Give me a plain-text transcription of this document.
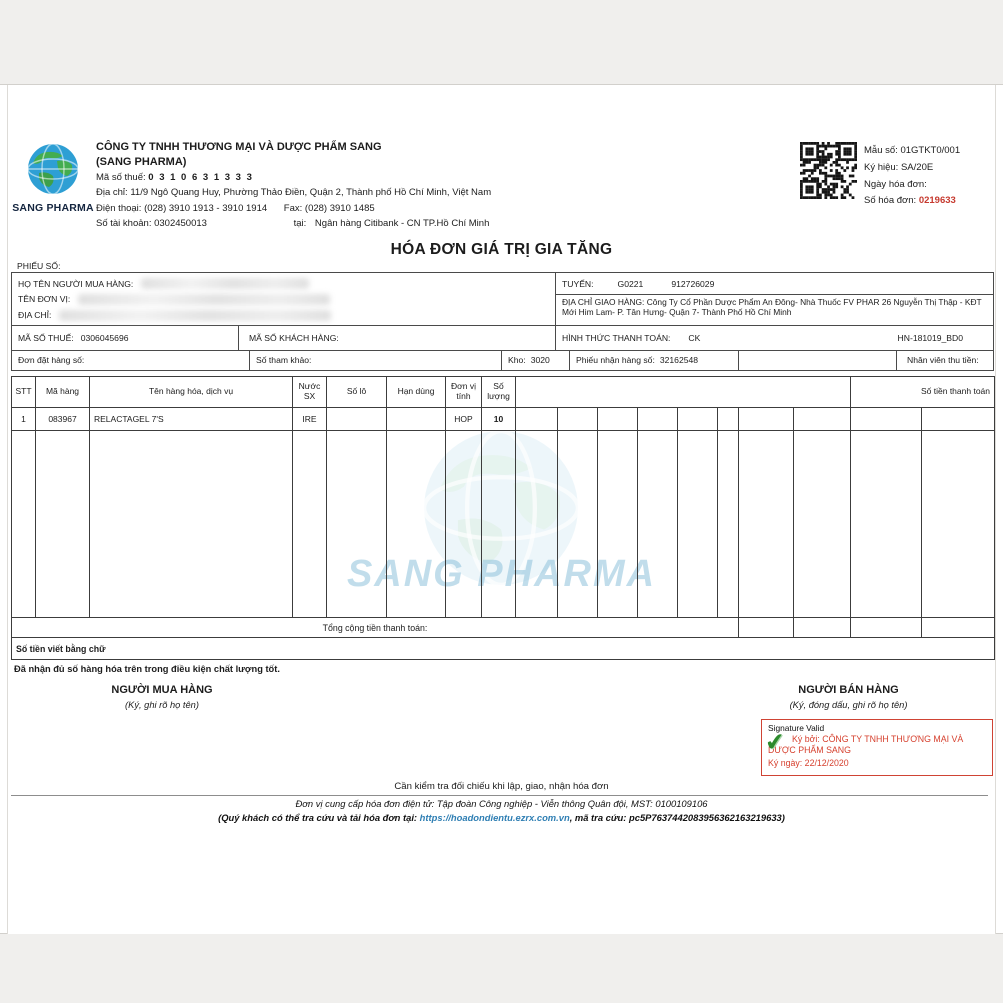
SANG PHARMA
CÔNG TY TNHH THƯƠNG MẠI VÀ DƯỢC PHẨM SANG
(SANG PHARMA)
Mã số thuế: 0 3 1 0 6 3 1 3 3 3
Địa chỉ: 11/9 Ngô Quang Huy, Phường Thảo Điền, Quận 2, Thành phố Hồ Chí Minh, Việt Nam
Điện thoại: (028) 3910 1913 - 3910 1914 Fax: (028) 3910 1485
Số tài khoản: 0302450013	tại: Ngân hàng Citibank - CN TP.Hồ Chí Minh
Mẫu số: 01GTKT0/001
Ký hiệu: SA/20E
Ngày hóa đơn:
Số hóa đơn: 0219633
HÓA ĐƠN GIÁ TRỊ GIA TĂNG
PHIẾU SỐ:
HỌ TÊN NGƯỜI MUA HÀNG:
TÊN ĐƠN VỊ:
ĐỊA CHỈ:
MÃ SỐ THUẾ: 0306045696	MÃ SỐ KHÁCH HÀNG:
TUYẾN:	G0221	912726029
ĐỊA CHỈ GIAO HÀNG: Công Ty Cổ Phần Dược Phẩm An Đông- Nhà Thuốc FV PHAR 26 Nguyễn Thị Thập - KĐT Mới Him Lam- P. Tân Hưng- Quận 7- Thành Phố Hồ Chí Minh
HÌNH THỨC THANH TOÁN: CK	HN-181019_BD0
Đơn đặt hàng số:	Số tham khảo:	Kho: 3020	Phiếu nhận hàng số: 32162548	Nhân viên thu tiền:
SANG PHARMA
STT	Mã hàng	Tên hàng hóa, dịch vụ	Nước SX	Số lô	Hạn dùng	Đơn vị tính	Số lượng									Số tiền thanh toán	
1	083967	RELACTAGEL 7'S	IRE			HOP	10										

Tổng cộng tiền thanh toán:																	
Số tiền viết bằng chữ																	
Đã nhận đủ số hàng hóa trên trong điều kiện chất lượng tốt.
NGƯỜI MUA HÀNG
(Ký, ghi rõ họ tên)
NGƯỜI BÁN HÀNG
(Ký, đóng dấu, ghi rõ họ tên)
Signature Valid
✔ Ký bởi: CÔNG TY TNHH THƯƠNG MẠI VÀ DƯỢC PHẨM SANG
Ký ngày: 22/12/2020
Cần kiểm tra đối chiếu khi lập, giao, nhận hóa đơn
Đơn vị cung cấp hóa đơn điện tử: Tập đoàn Công nghiệp - Viễn thông Quân đội, MST: 0100109106
(Quý khách có thể tra cứu và tải hóa đơn tại: https://hoadondientu.ezrx.com.vn, mã tra cứu: pc5P7637442083956362163219633)
